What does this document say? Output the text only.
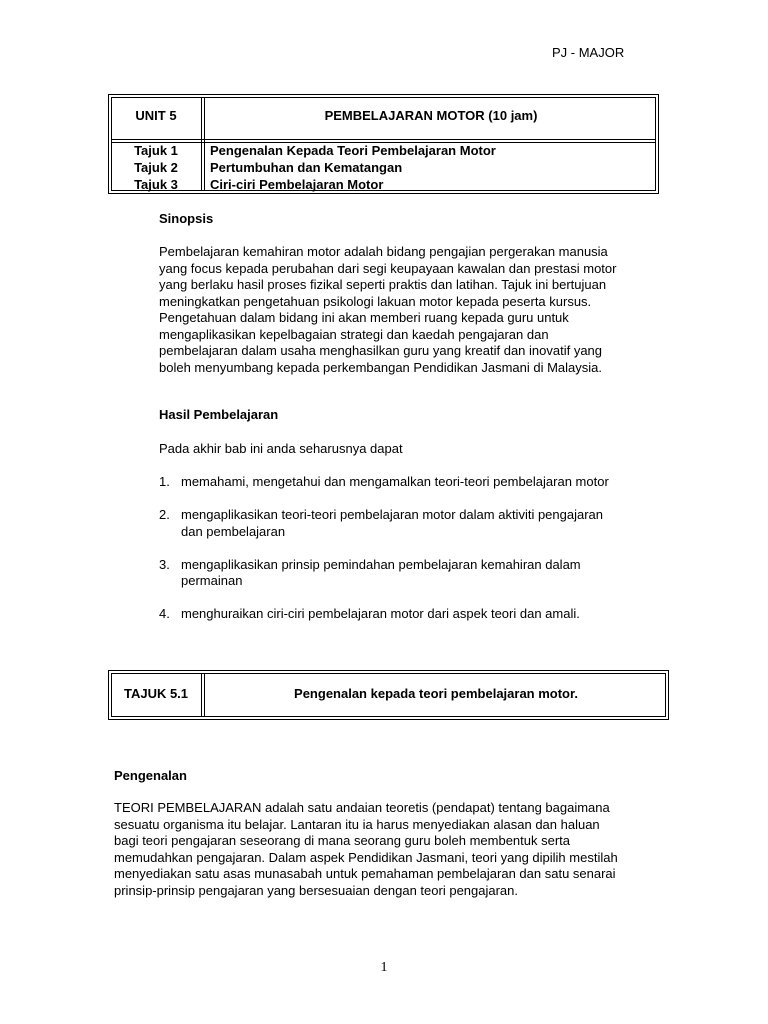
PJ - MAJOR
UNIT 5	PEMBELAJARAN MOTOR (10 jam)
Tajuk 1
Tajuk 2
Tajuk 3
Pengenalan Kepada Teori Pembelajaran Motor
Pertumbuhan dan Kematangan
Ciri-ciri Pembelajaran Motor
Sinopsis
Pembelajaran kemahiran motor adalah bidang pengajian pergerakan manusia
yang focus kepada perubahan dari segi keupayaan kawalan dan prestasi motor
yang berlaku hasil proses fizikal seperti praktis dan latihan. Tajuk ini bertujuan
meningkatkan pengetahuan psikologi lakuan motor kepada peserta kursus.
Pengetahuan dalam bidang ini akan memberi ruang kepada guru untuk
mengaplikasikan kepelbagaian strategi dan kaedah pengajaran dan
pembelajaran dalam usaha menghasilkan guru yang kreatif dan inovatif yang
boleh menyumbang kepada perkembangan Pendidikan Jasmani di Malaysia.
Hasil Pembelajaran
Pada akhir bab ini anda seharusnya dapat
1. memahami, mengetahui dan mengamalkan teori-teori pembelajaran motor
2. mengaplikasikan teori-teori pembelajaran motor dalam aktiviti pengajaran
dan pembelajaran
3. mengaplikasikan prinsip pemindahan pembelajaran kemahiran dalam
permainan
4. menghuraikan ciri-ciri pembelajaran motor dari aspek teori dan amali.
TAJUK 5.1	Pengenalan kepada teori pembelajaran motor.
Pengenalan
TEORI PEMBELAJARAN adalah satu andaian teoretis (pendapat) tentang bagaimana
sesuatu organisma itu belajar. Lantaran itu ia harus menyediakan alasan dan haluan
bagi teori pengajaran seseorang di mana seorang guru boleh membentuk serta
memudahkan pengajaran. Dalam aspek Pendidikan Jasmani, teori yang dipilih mestilah
menyediakan satu asas munasabah untuk pemahaman pembelajaran dan satu senarai
prinsip-prinsip pengajaran yang bersesuaian dengan teori pengajaran.
1
